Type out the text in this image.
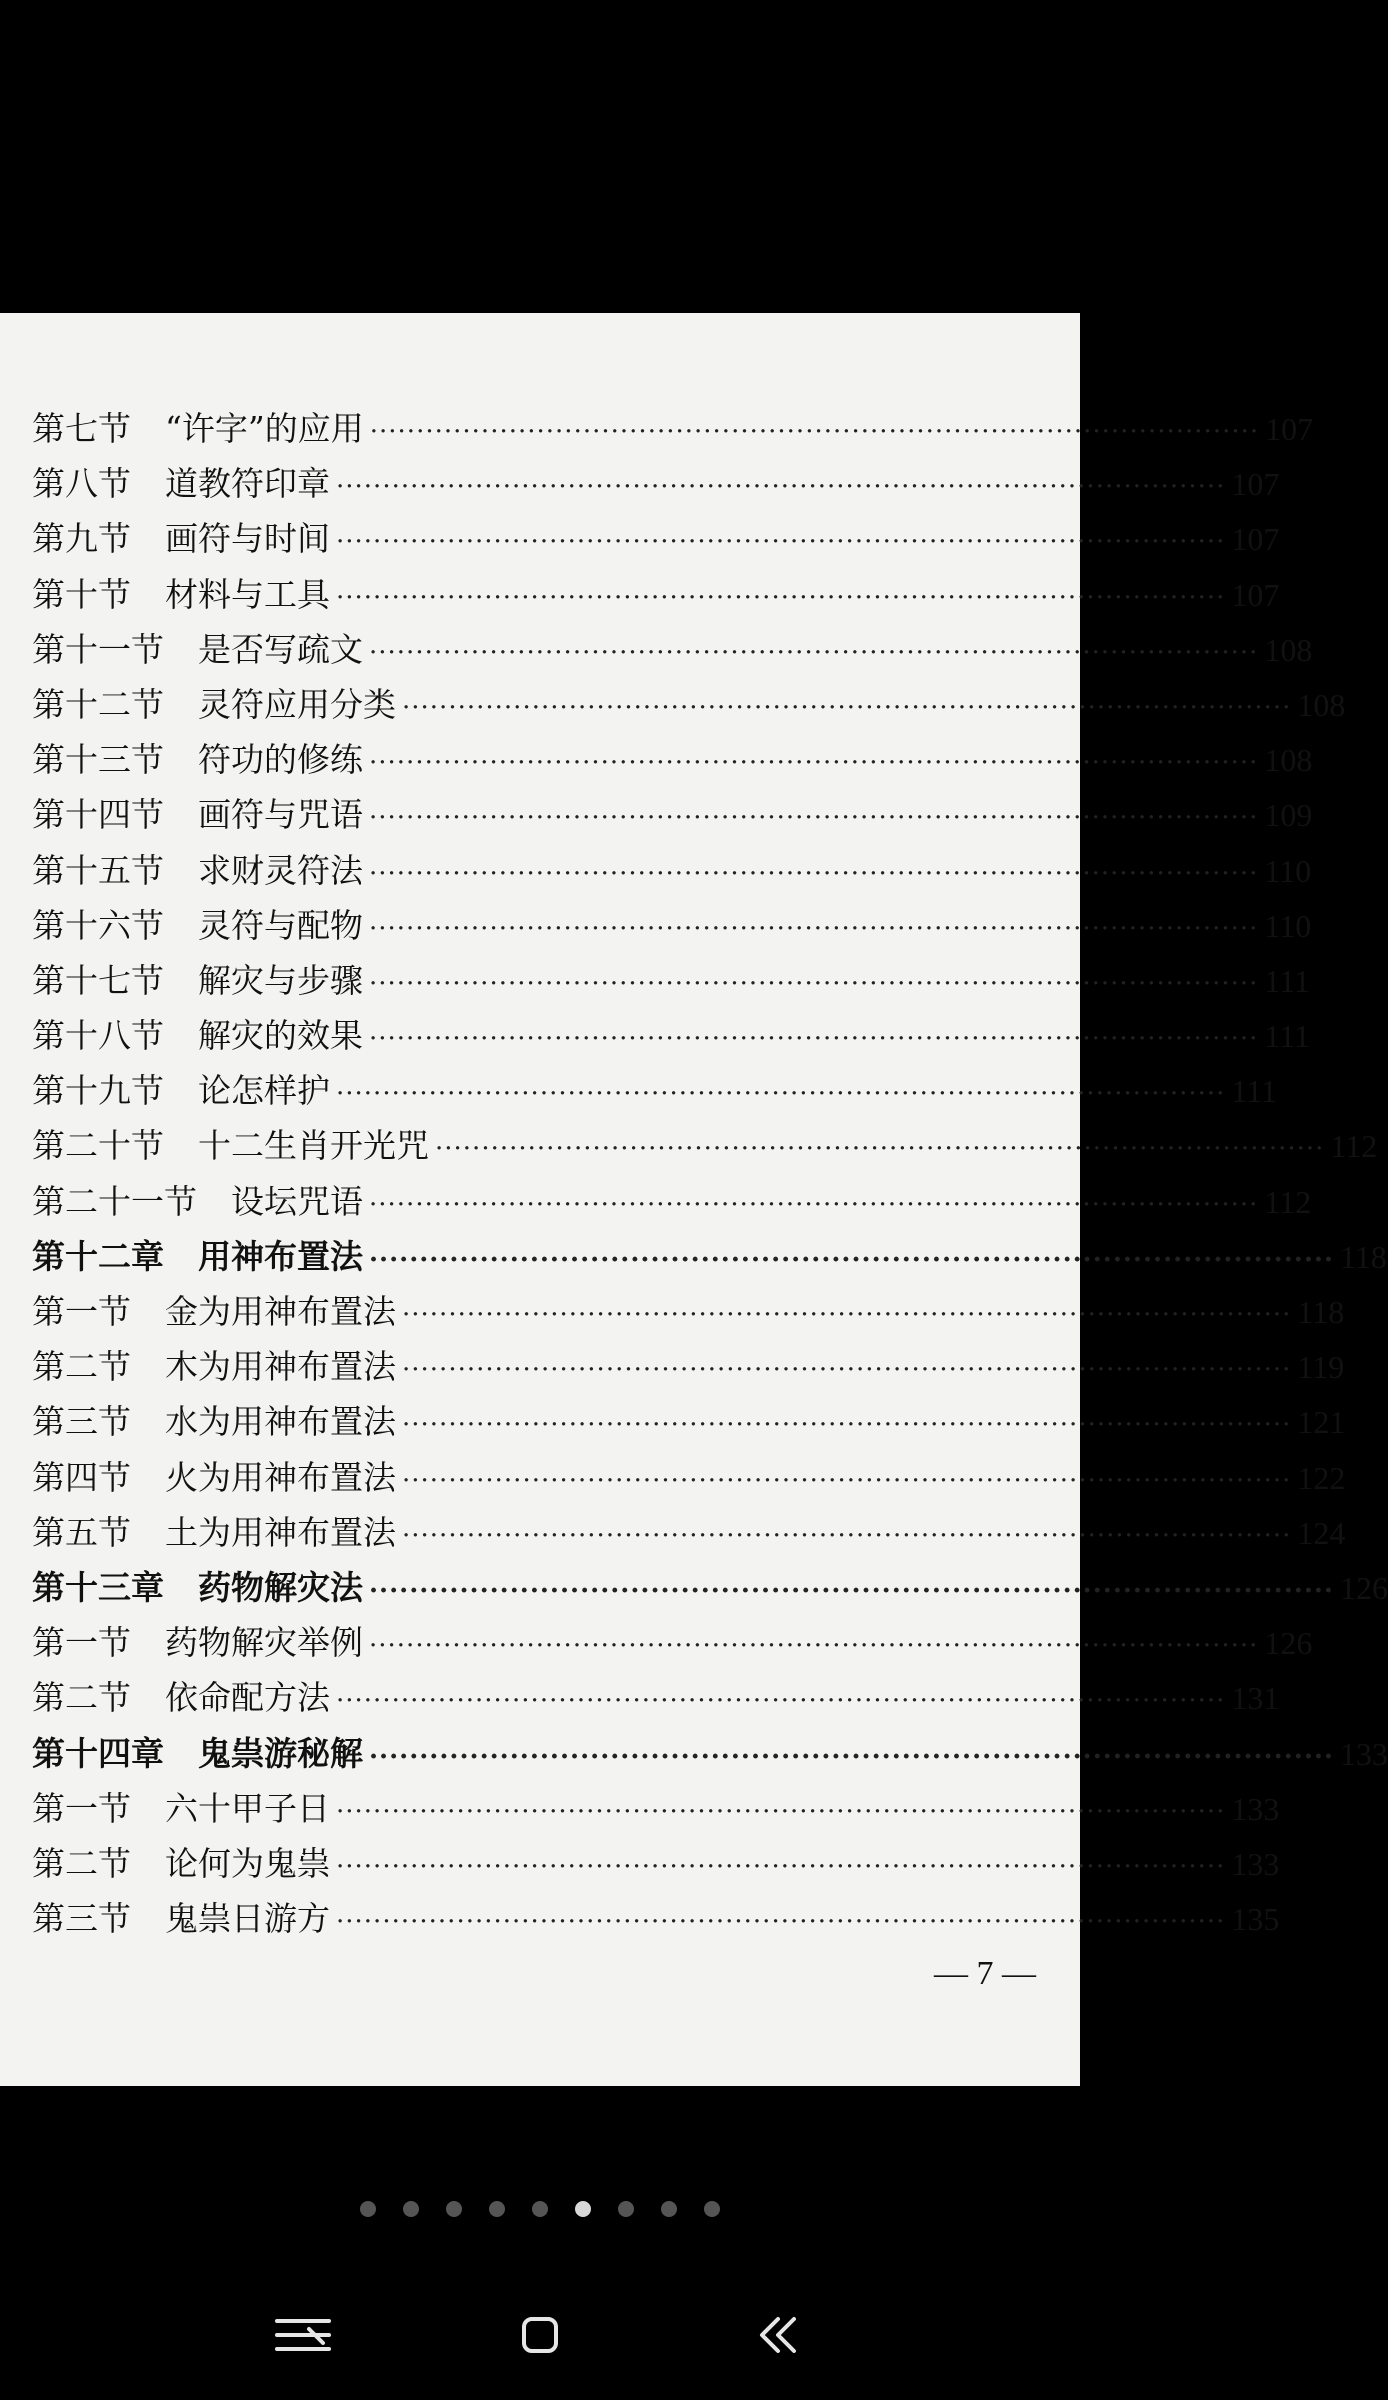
第七节 “许字”的应用 ································································································ 107
第八节 道教符印章 ································································································ 107
第九节 画符与时间 ································································································ 107
第十节 材料与工具 ································································································ 107
第十一节 是否写疏文 ································································································ 108
第十二节 灵符应用分类 ································································································ 108
第十三节 符功的修练 ································································································ 108
第十四节 画符与咒语 ································································································ 109
第十五节 求财灵符法 ································································································ 110
第十六节 灵符与配物 ································································································ 110
第十七节 解灾与步骤 ································································································ 111
第十八节 解灾的效果 ································································································ 111
第十九节 论怎样护 ································································································ 111
第二十节 十二生肖开光咒 ································································································ 112
第二十一节 设坛咒语 ································································································ 112
第十二章 用神布置法 ································································································ 118
第一节 金为用神布置法 ································································································ 118
第二节 木为用神布置法 ································································································ 119
第三节 水为用神布置法 ································································································ 121
第四节 火为用神布置法 ································································································ 122
第五节 土为用神布置法 ································································································ 124
第十三章 药物解灾法 ································································································ 126
第一节 药物解灾举例 ································································································ 126
第二节 依命配方法 ································································································ 131
第十四章 鬼祟游秘解 ································································································ 133
第一节 六十甲子日 ································································································ 133
第二节 论何为鬼祟 ································································································ 133
第三节 鬼祟日游方 ································································································ 135
— 7 —
